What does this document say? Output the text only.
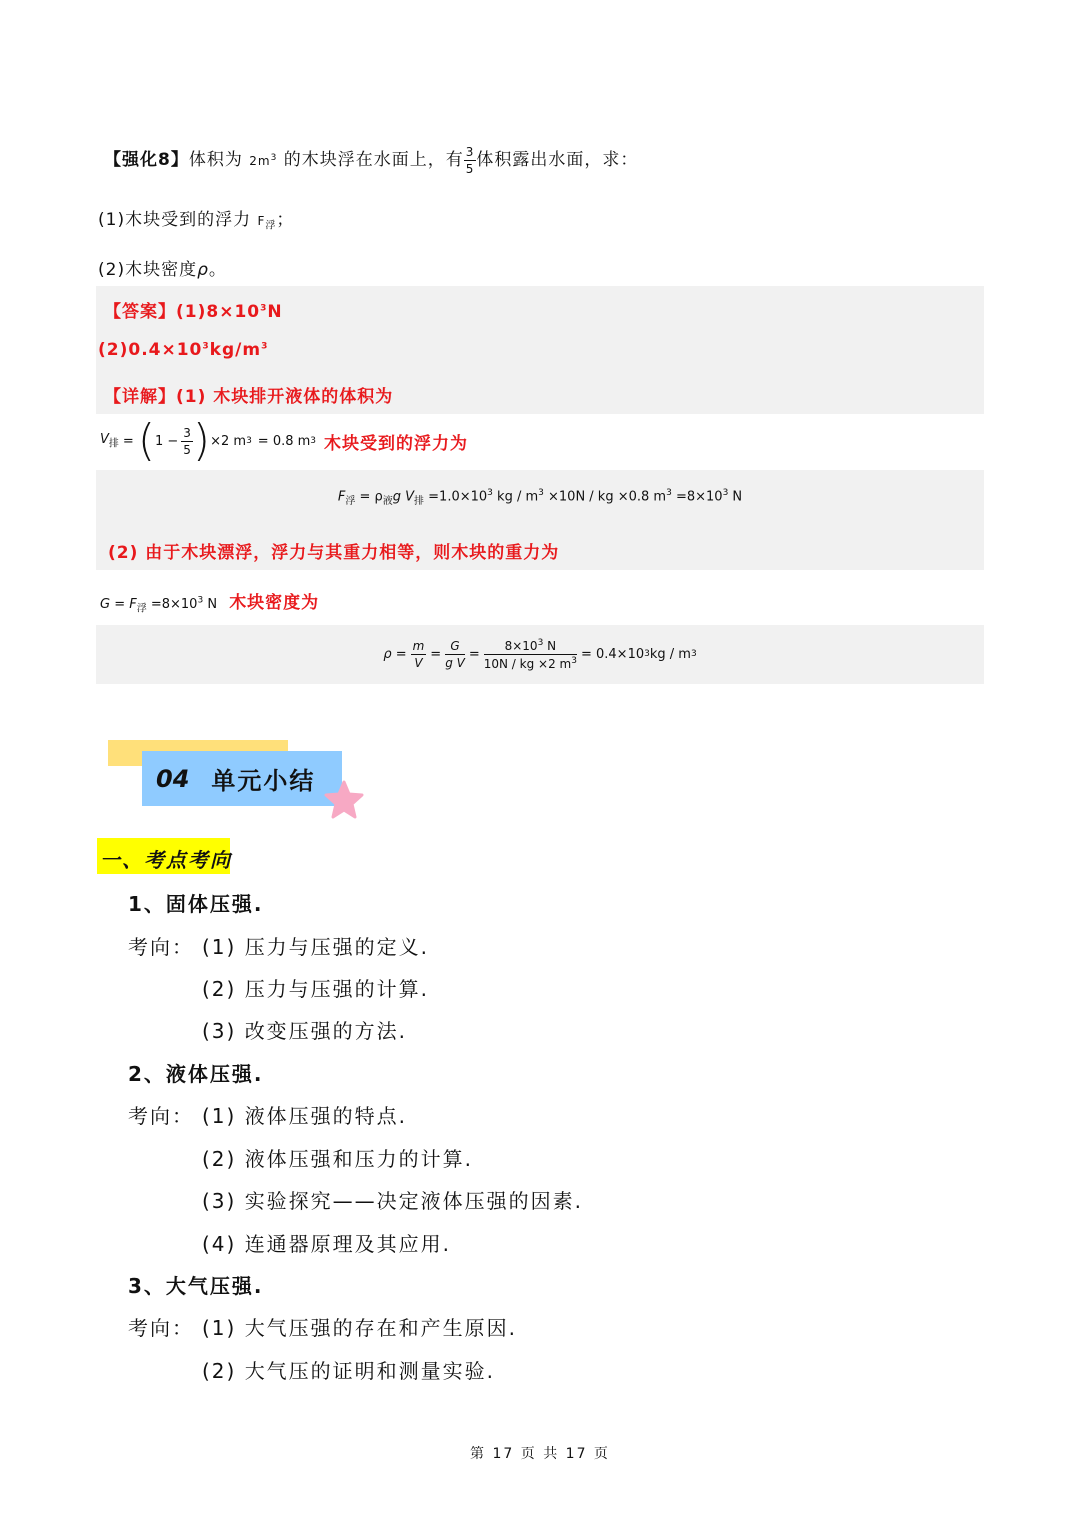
【强化8】体积为 $2m^3$ 的木块浮在水面上，有 $\frac{3}{5}$ 体积露出水面，求：
(1)木块受到的浮力 $F_浮$；
(2)木块密度ρ。
【答案】$(1)8\times 10^3N$
$(2)0.4\times 10^3kg/m^3$
【详解】(1) 木块排开液体的体积为
$V_排$ = ( $1 - \frac{3}{5}$ ) ×2 m 3 = 0.8 m 3 木块受到的浮力为
$F_浮 = \rho_液g$ $V_排 =1.0\times 10^3$ kg / $m^3 \times 10N$ / kg ×0.8 $m^3 =8\times 10^3$ N
(2) 由于木块漂浮，浮力与其重力相等，则木块的重力为
$G = F_浮 =8\times 10^3$ N 木块密度为
$\rho = \frac{m}{V} = \frac{G}{\text{g V}} = \frac{8\times 10^3 N}{10N / kg \times 2 m^3} = 0.4\times 10$ 3 kg / m 3
04 单元小结
一、考点考向
1、固体压强.
考向： (1) 压力与压强的定义.
(2) 压力与压强的计算.
(3) 改变压强的方法.
2、液体压强.
考向： (1) 液体压强的特点.
(2) 液体压强和压力的计算.
(3) 实验探究——决定液体压强的因素.
(4) 连通器原理及其应用.
3、大气压强.
考向： (1) 大气压强的存在和产生原因.
(2) 大气压的证明和测量实验.
第 17 页 共 17 页
